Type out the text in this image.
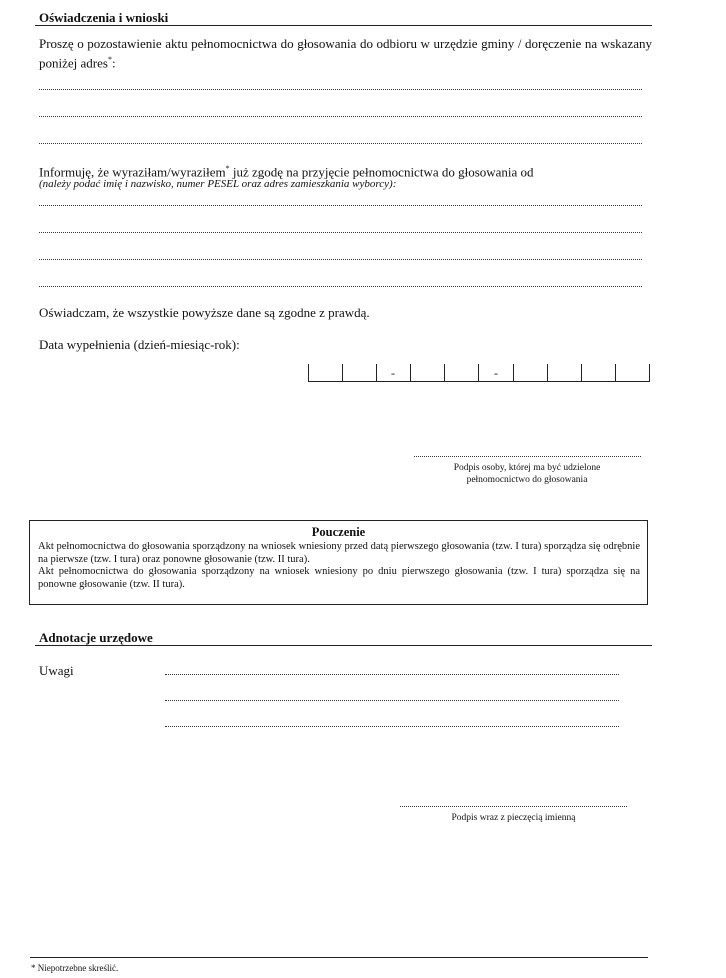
Oświadczenia i wnioski
Proszę o pozostawienie aktu pełnomocnictwa do głosowania do odbioru w urzędzie gminy / doręczenie na wskazany poniżej adres*:
Informuję, że wyraziłam/wyraziłem* już zgodę na przyjęcie pełnomocnictwa do głosowania od
(należy podać imię i nazwisko, numer PESEL oraz adres zamieszkania wyborcy):
Oświadczam, że wszystkie powyższe dane są zgodne z prawdą.
Data wypełnienia (dzień-miesiąc-rok):
-	-
Podpis osoby, której ma być udzielone
pełnomocnictwo do głosowania
Pouczenie
Akt pełnomocnictwa do głosowania sporządzony na wniosek wniesiony przed datą pierwszego głosowania (tzw. I tura) sporządza się odrębnie na pierwsze (tzw. I tura) oraz ponowne głosowanie (tzw. II tura).
Akt pełnomocnictwa do głosowania sporządzony na wniosek wniesiony po dniu pierwszego głosowania (tzw. I tura) sporządza się na ponowne głosowanie (tzw. II tura).
Adnotacje urzędowe
Uwagi
Podpis wraz z pieczęcią imienną
* Niepotrzebne skreślić.
